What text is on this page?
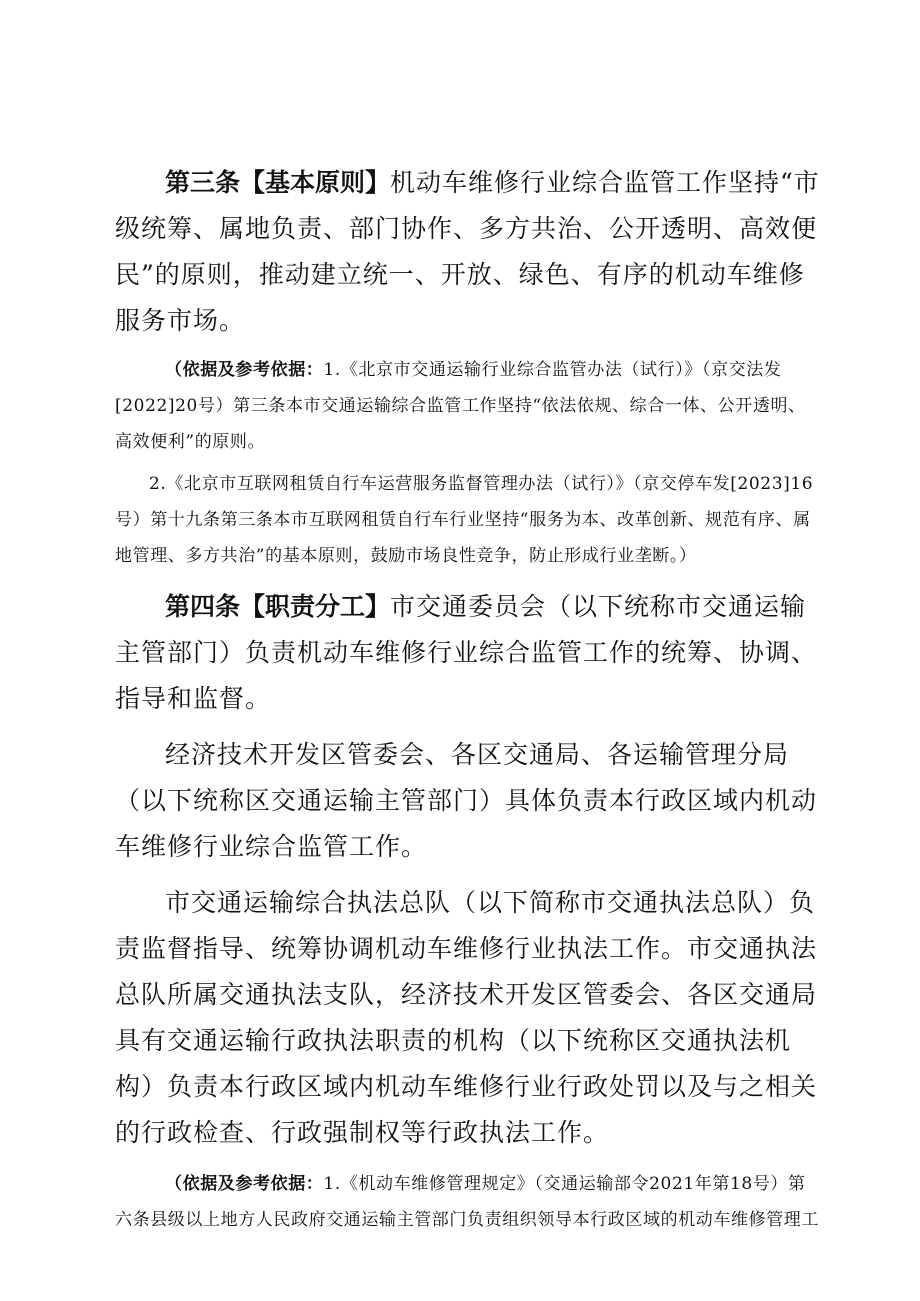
第三条【基本原则】机动车维修行业综合监管工作坚持“市级统筹、属地负责、部门协作、多方共治、公开透明、高效便民”的原则，推动建立统一、开放、绿色、有序的机动车维修服务市场。

（依据及参考依据：1.《北京市交通运输行业综合监管办法（试行）》（京交法发[2022]20号）第三条本市交通运输综合监管工作坚持“依法依规、综合一体、公开透明、高效便利”的原则。

2.《北京市互联网租赁自行车运营服务监督管理办法（试行）》（京交停车发[2023]16号）第十九条第三条本市互联网租赁自行车行业坚持“服务为本、改革创新、规范有序、属地管理、多方共治”的基本原则，鼓励市场良性竞争，防止形成行业垄断。）

第四条【职责分工】市交通委员会（以下统称市交通运输主管部门）负责机动车维修行业综合监管工作的统筹、协调、指导和监督。

经济技术开发区管委会、各区交通局、各运输管理分局（以下统称区交通运输主管部门）具体负责本行政区域内机动车维修行业综合监管工作。

市交通运输综合执法总队（以下简称市交通执法总队）负责监督指导、统筹协调机动车维修行业执法工作。市交通执法总队所属交通执法支队，经济技术开发区管委会、各区交通局具有交通运输行政执法职责的机构（以下统称区交通执法机构）负责本行政区域内机动车维修行业行政处罚以及与之相关的行政检查、行政强制权等行政执法工作。

（依据及参考依据：1.《机动车维修管理规定》（交通运输部令2021年第18号）第六条县级以上地方人民政府交通运输主管部门负责组织领导本行政区域的机动车维修管理工
